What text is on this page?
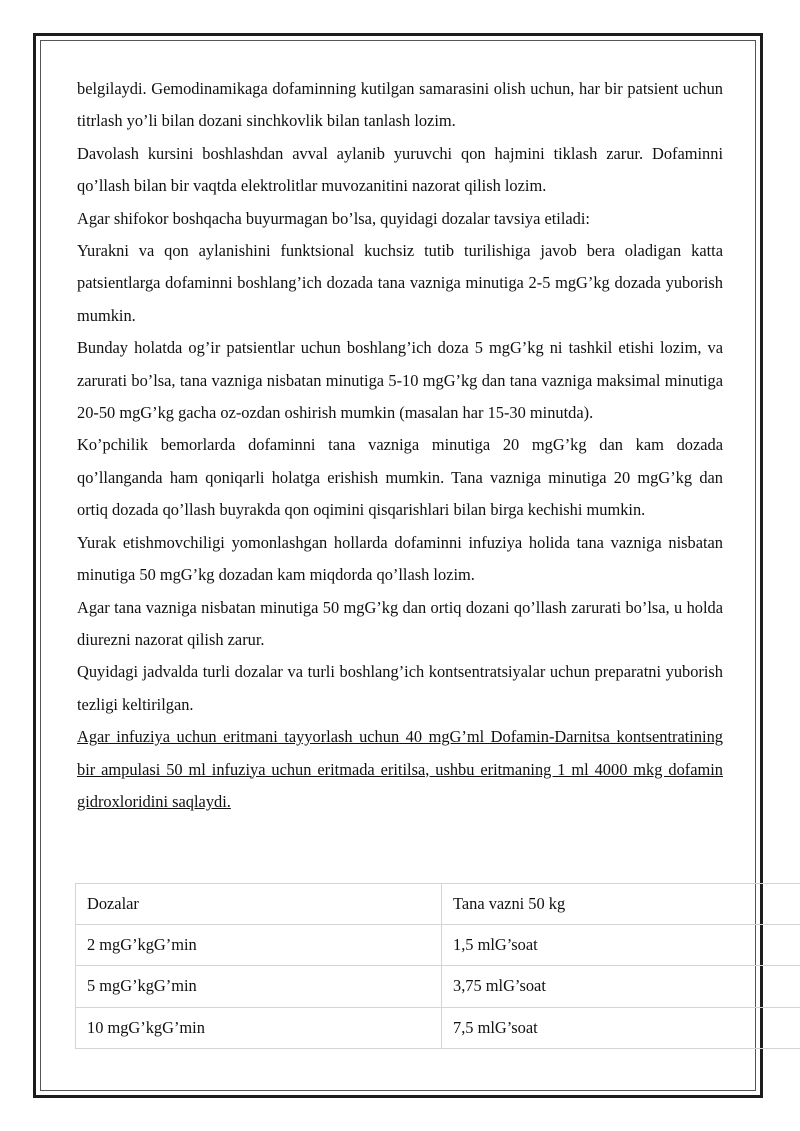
belgilaydi. Gemodinamikaga dofaminning kutilgan samarasini olish uchun, har bir patsient uchun titrlash yo’li bilan dozani sinchkovlik bilan tanlash lozim.

Davolash kursini boshlashdan avval aylanib yuruvchi qon hajmini tiklash zarur. Dofaminni qo’llash bilan bir vaqtda elektrolitlar muvozanitini nazorat qilish lozim.

Agar shifokor boshqacha buyurmagan bo’lsa, quyidagi dozalar tavsiya etiladi:

Yurakni va qon aylanishini funktsional kuchsiz tutib turilishiga javob bera oladigan katta patsientlarga dofaminni boshlang’ich dozada tana vazniga minutiga 2-5 mgG’kg dozada yuborish mumkin.

Bunday holatda og’ir patsientlar uchun boshlang’ich doza 5 mgG’kg ni tashkil etishi lozim, va zarurati bo’lsa, tana vazniga nisbatan minutiga 5-10 mgG’kg dan tana vazniga maksimal minutiga 20-50 mgG’kg gacha oz-ozdan oshirish mumkin (masalan har 15-30 minutda).

Ko’pchilik bemorlarda dofaminni tana vazniga minutiga 20 mgG’kg dan kam dozada qo’llanganda ham qoniqarli holatga erishish mumkin. Tana vazniga minutiga 20 mgG’kg dan ortiq dozada qo’llash buyrakda qon oqimini qisqarishlari bilan birga kechishi mumkin.

Yurak etishmovchiligi yomonlashgan hollarda dofaminni infuziya holida tana vazniga nisbatan minutiga 50 mgG’kg dozadan kam miqdorda qo’llash lozim.

Agar tana vazniga nisbatan minutiga 50 mgG’kg dan ortiq dozani qo’llash zarurati bo’lsa, u holda diurezni nazorat qilish zarur.

Quyidagi jadvalda turli dozalar va turli boshlang’ich kontsentratsiyalar uchun preparatni yuborish tezligi keltirilgan.

Agar infuziya uchun eritmani tayyorlash uchun 40 mgG’ml Dofamin-Darnitsa kontsentratining bir ampulasi 50 ml infuziya uchun eritmada eritilsa, ushbu eritmaning 1 ml 4000 mkg dofamin gidroxloridini saqlaydi.

Dozalar	Tana vazni 50 kg
2 mgG’kgG’min	1,5 mlG’soat
5 mgG’kgG’min	3,75 mlG’soat
10 mgG’kgG’min	7,5 mlG’soat
